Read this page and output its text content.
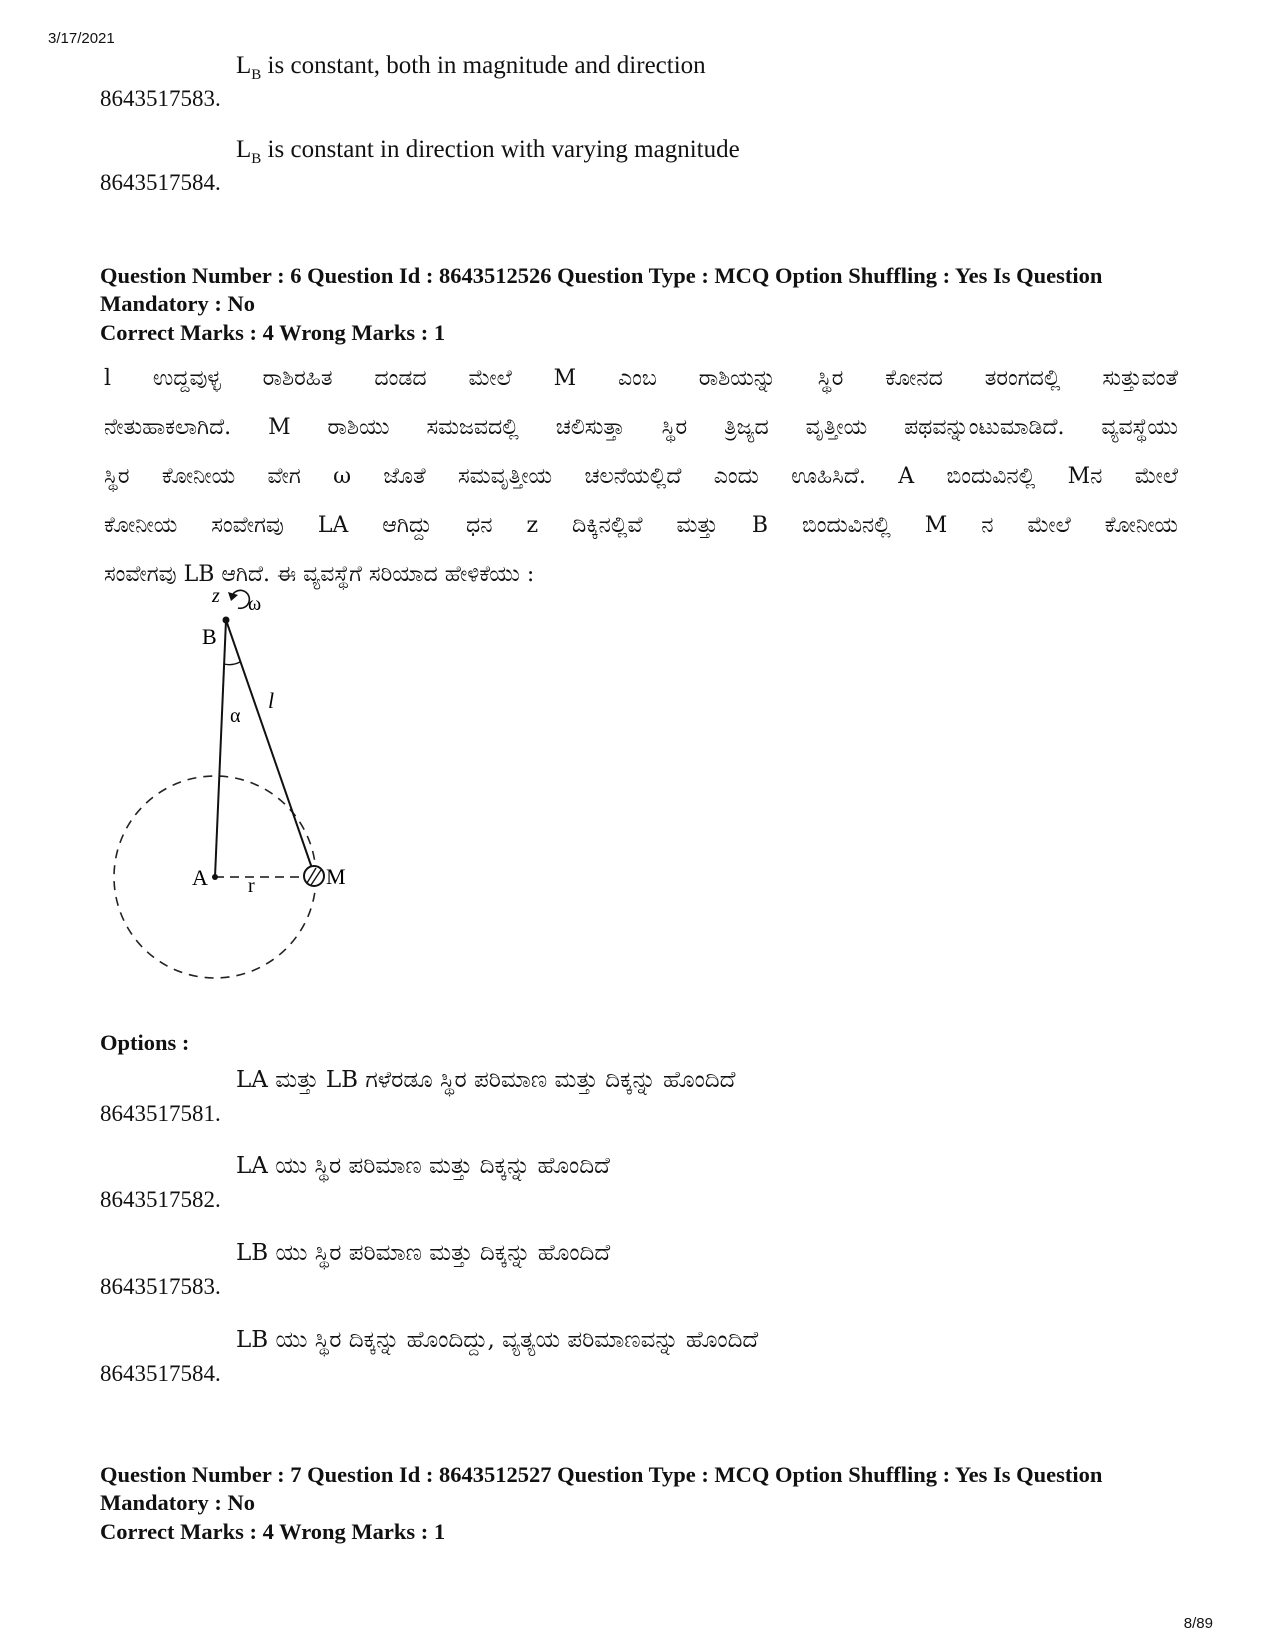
3/17/2021
8643517583.
$L_B$ is constant, both in magnitude and direction
8643517584.
$L_B$ is constant in direction with varying magnitude
Question Number : 6 Question Id : 8643512526 Question Type : MCQ Option Shuffling : Yes Is Question Mandatory : No
Correct Marks : 4 Wrong Marks : 1
l ಉದ್ದವುಳ್ಳ ರಾಶಿರಹಿತ ದಂಡದ ಮೇಲೆ M ಎಂಬ ರಾಶಿಯನ್ನು ಸ್ಥಿರ ಕೋನದ ತರಂಗದಲ್ಲಿ ಸುತ್ತುವಂತೆ
ನೇತುಹಾಕಲಾಗಿದೆ. M ರಾಶಿಯು ಸಮಜವದಲ್ಲಿ ಚಲಿಸುತ್ತಾ ಸ್ಥಿರ ತ್ರಿಜ್ಯದ ವೃತ್ತೀಯ ಪಥವನ್ನುಂಟುಮಾಡಿದೆ. ವ್ಯವಸ್ಥೆಯು
ಸ್ಥಿರ ಕೋನೀಯ ವೇಗ ω ಜೊತೆ ಸಮವೃತ್ತೀಯ ಚಲನೆಯಲ್ಲಿದೆ ಎಂದು ಊಹಿಸಿದೆ. A ಬಿಂದುವಿನಲ್ಲಿ Mನ ಮೇಲೆ
ಕೋನೀಯ ಸಂವೇಗವು LA ಆಗಿದ್ದು ಧನ z ದಿಕ್ಕಿನಲ್ಲಿವೆ ಮತ್ತು B ಬಿಂದುವಿನಲ್ಲಿ M ನ ಮೇಲೆ ಕೋನೀಯ
ಸಂವೇಗವು LB ಆಗಿದೆ. ಈ ವ್ಯವಸ್ಥೆಗೆ ಸರಿಯಾದ ಹೇಳಿಕೆಯು :
z ω
B
α
l
A r	M
Options :
8643517581.
LA ಮತ್ತು LB ಗಳೆರಡೂ ಸ್ಥಿರ ಪರಿಮಾಣ ಮತ್ತು ದಿಕ್ಕನ್ನು ಹೊಂದಿದೆ
8643517582.
LA ಯು ಸ್ಥಿರ ಪರಿಮಾಣ ಮತ್ತು ದಿಕ್ಕನ್ನು ಹೊಂದಿದೆ
8643517583.
LB ಯು ಸ್ಥಿರ ಪರಿಮಾಣ ಮತ್ತು ದಿಕ್ಕನ್ನು ಹೊಂದಿದೆ
8643517584.
LB ಯು ಸ್ಥಿರ ದಿಕ್ಕನ್ನು ಹೊಂದಿದ್ದು, ವ್ಯತ್ಯಯ ಪರಿಮಾಣವನ್ನು ಹೊಂದಿದೆ
Question Number : 7 Question Id : 8643512527 Question Type : MCQ Option Shuffling : Yes Is Question Mandatory : No
Correct Marks : 4 Wrong Marks : 1
8/89
